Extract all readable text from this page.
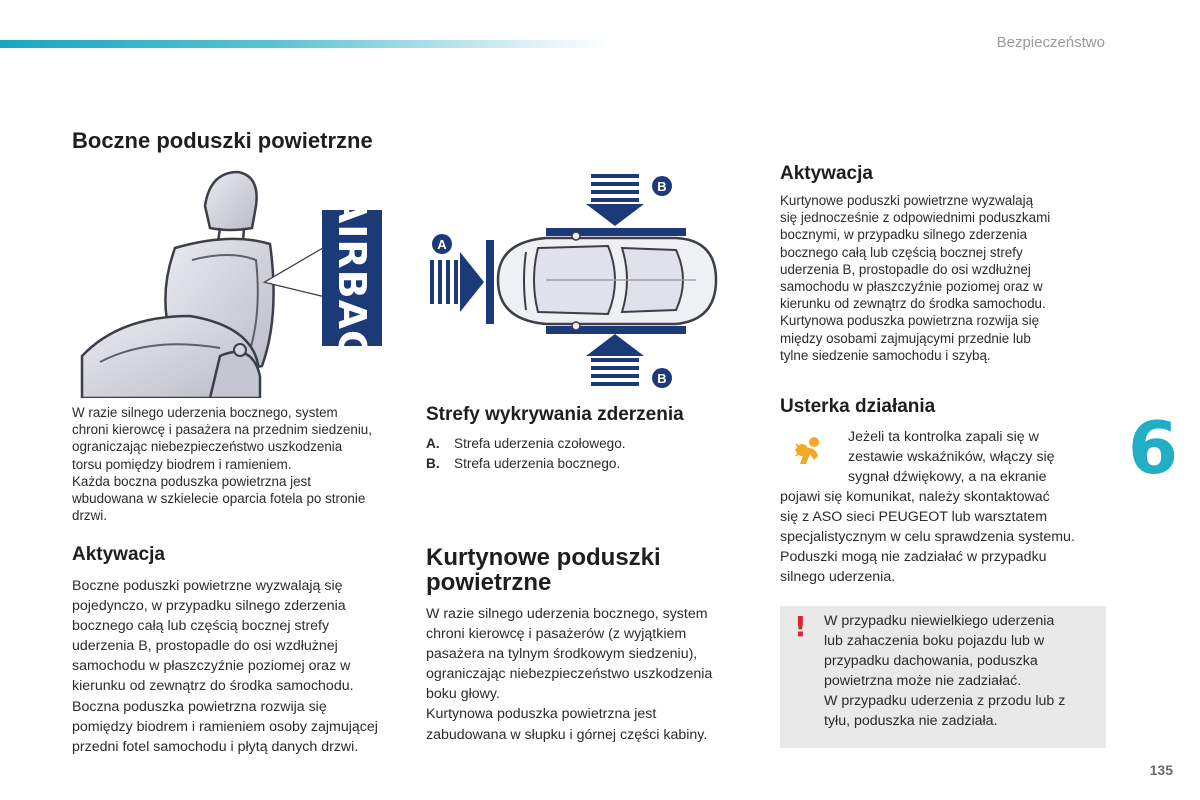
Bezpieczeństwo
Boczne poduszki powietrzne
AIRBAG	A
B
B
W razie silnego uderzenia bocznego, system
chroni kierowcę i pasażera na przednim siedzeniu,
ograniczając niebezpieczeństwo uszkodzenia
torsu pomiędzy biodrem i ramieniem.
Każda boczna poduszka powietrzna jest
wbudowana w szkielecie oparcia fotela po stronie
drzwi.
Aktywacja
Boczne poduszki powietrzne wyzwalają się
pojedynczo, w przypadku silnego zderzenia
bocznego całą lub częścią bocznej strefy
uderzenia B, prostopadle do osi wzdłużnej
samochodu w płaszczyźnie poziomej oraz w
kierunku od zewnątrz do środka samochodu.
Boczna poduszka powietrzna rozwija się
pomiędzy biodrem i ramieniem osoby zajmującej
przedni fotel samochodu i płytą danych drzwi.
Strefy wykrywania zderzenia
A. Strefa uderzenia czołowego.
B. Strefa uderzenia bocznego.
Kurtynowe poduszki
powietrzne
W razie silnego uderzenia bocznego, system
chroni kierowcę i pasażerów (z wyjątkiem
pasażera na tylnym środkowym siedzeniu),
ograniczając niebezpieczeństwo uszkodzenia
boku głowy.
Kurtynowa poduszka powietrzna jest
zabudowana w słupku i górnej części kabiny.
Aktywacja
Kurtynowe poduszki powietrzne wyzwalają
się jednocześnie z odpowiednimi poduszkami
bocznymi, w przypadku silnego zderzenia
bocznego całą lub częścią bocznej strefy
uderzenia B, prostopadle do osi wzdłużnej
samochodu w płaszczyźnie poziomej oraz w
kierunku od zewnątrz do środka samochodu.
Kurtynowa poduszka powietrzna rozwija się
między osobami zajmującymi przednie lub
tylne siedzenie samochodu i szybą.
Usterka działania
Jeżeli ta kontrolka zapali się w
zestawie wskaźników, włączy się
sygnał dźwiękowy, a na ekranie
pojawi się komunikat, należy skontaktować
się z ASO sieci PEUGEOT lub warsztatem
specjalistycznym w celu sprawdzenia systemu.
Poduszki mogą nie zadziałać w przypadku
silnego uderzenia.
! W przypadku niewielkiego uderzenia
lub zahaczenia boku pojazdu lub w
przypadku dachowania, poduszka
powietrzna może nie zadziałać.
W przypadku uderzenia z przodu lub z
tyłu, poduszka nie zadziała.
6
135
